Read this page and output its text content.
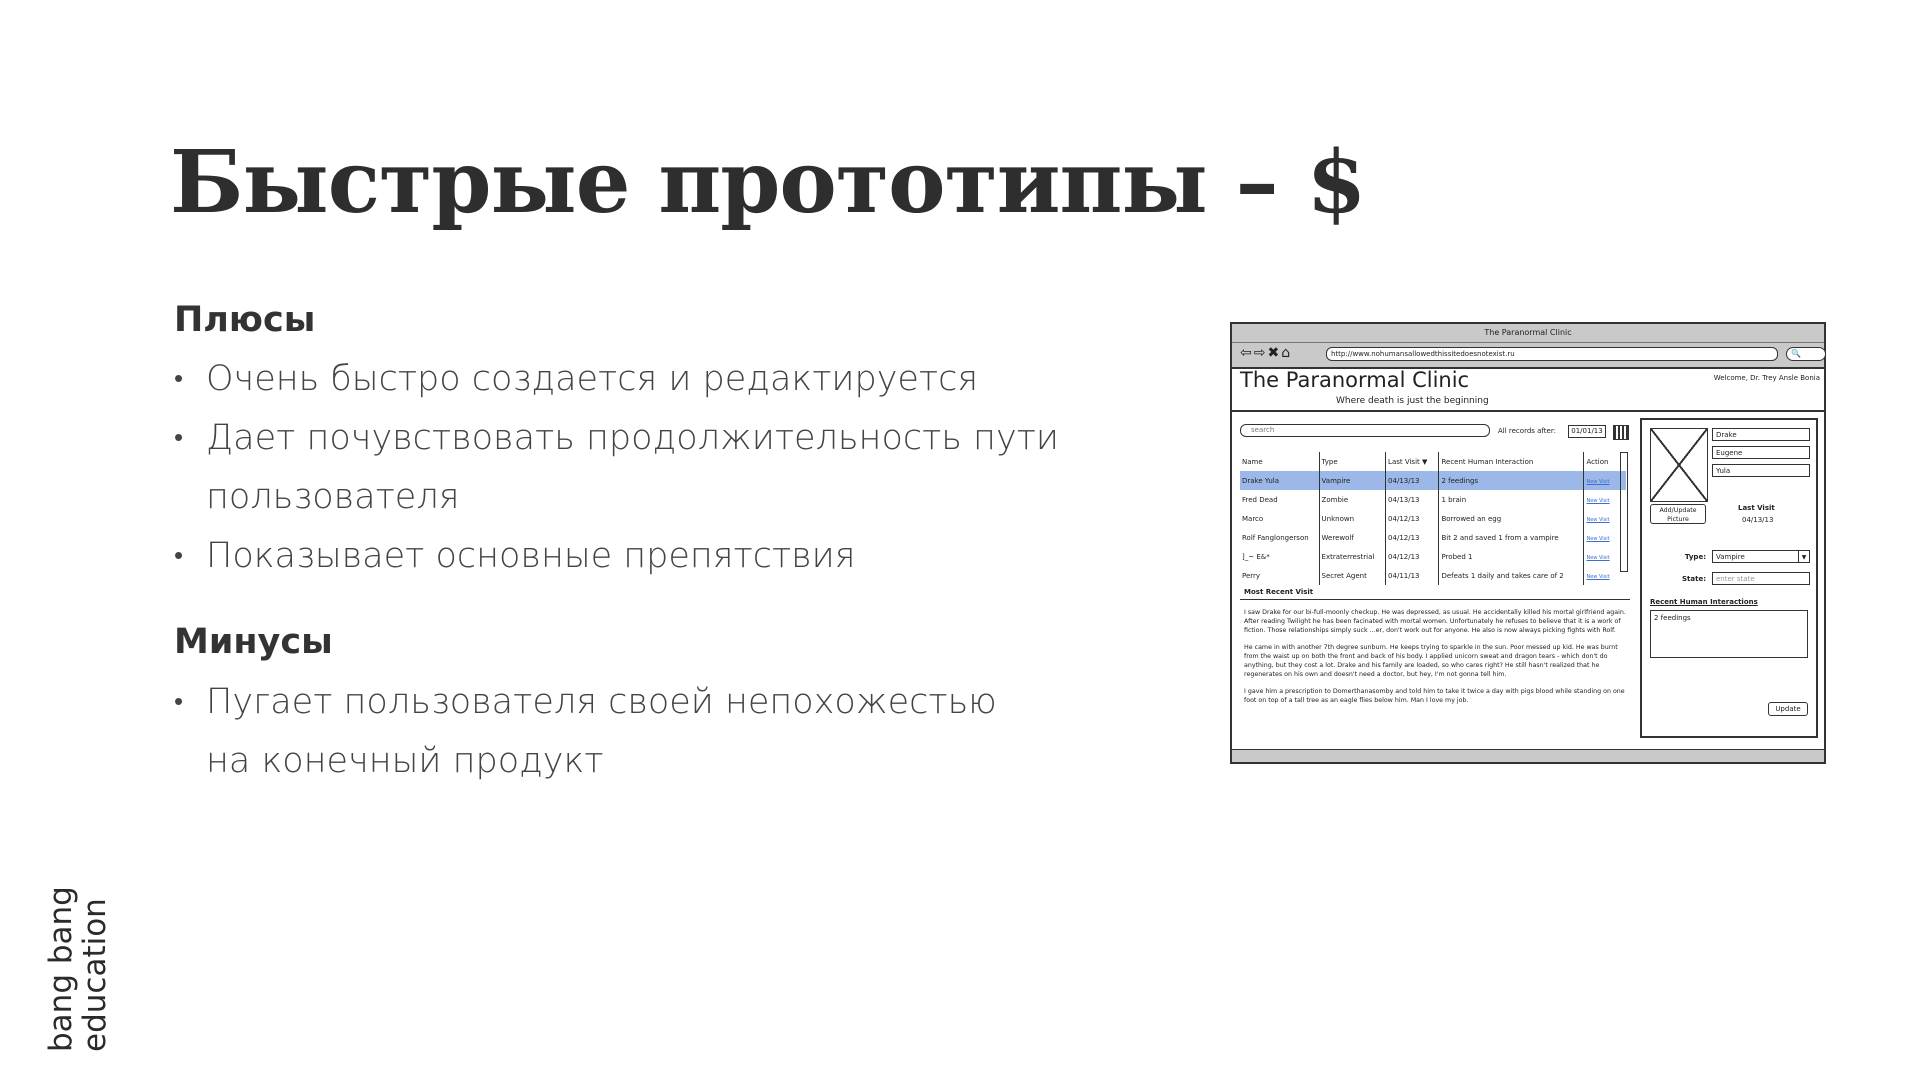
Быстрые прототипы – $
Плюсы
• Очень быстро создается и редактируется
• Дает почувствовать продолжительность пути
пользователя
• Показывает основные препятствия
Минусы
• Пугает пользователя своей непохожестью
на конечный продукт
bang bang
education
The Paranormal Clinic
⇦⇨✖⌂	http://www.nohumansallowedthissitedoesnotexist.ru	🔍
The Paranormal Clinic
Where death is just the beginning
Welcome, Dr. Trey Ansle Bonia
search	All records after:	01/01/13
Name	Type	Last Visit ▼	Recent Human Interaction	Action
Drake Yula	Vampire	04/13/13	2 feedings	New Visit
Fred Dead	Zombie	04/13/13	1 brain	New Visit
Marco	Unknown	04/12/13	Borrowed an egg	New Visit
Rolf Fanglongerson	Werewolf	04/12/13	Bit 2 and saved 1 from a vampire	New Visit
]_~ E&*	Extraterrestrial	04/12/13	Probed 1	New Visit
Perry	Secret Agent	04/11/13	Defeats 1 daily and takes care of 2	New Visit
Most Recent Visit

I saw Drake for our bi-full-moonly checkup. He was depressed, as usual. He accidentally killed his mortal girlfriend again. After reading Twilight he has been facinated with mortal women. Unfortunately he refuses to believe that it is a work of fiction. Those relationships simply suck ...er, don't work out for anyone. He also is now always picking fights with Rolf.

He came in with another 7th degree sunburn. He keeps trying to sparkle in the sun. Poor messed up kid. He was burnt from the waist up on both the front and back of his body. I applied unicorn sweat and dragon tears - which don't do anything, but they cost a lot. Drake and his family are loaded, so who cares right? He still hasn't realized that he regenerates on his own and doesn't need a doctor, but hey, I'm not gonna tell him.

I gave him a prescription to Domerthanasomby and told him to take it twice a day with pigs blood while standing on one foot on top of a tall tree as an eagle flies below him. Man I love my job.

Drake
Eugene
Yula
Add/Update Picture
Last Visit
04/13/13
Type:	Vampire	▼
State:	enter state
Recent Human Interactions
2 feedings
Update
